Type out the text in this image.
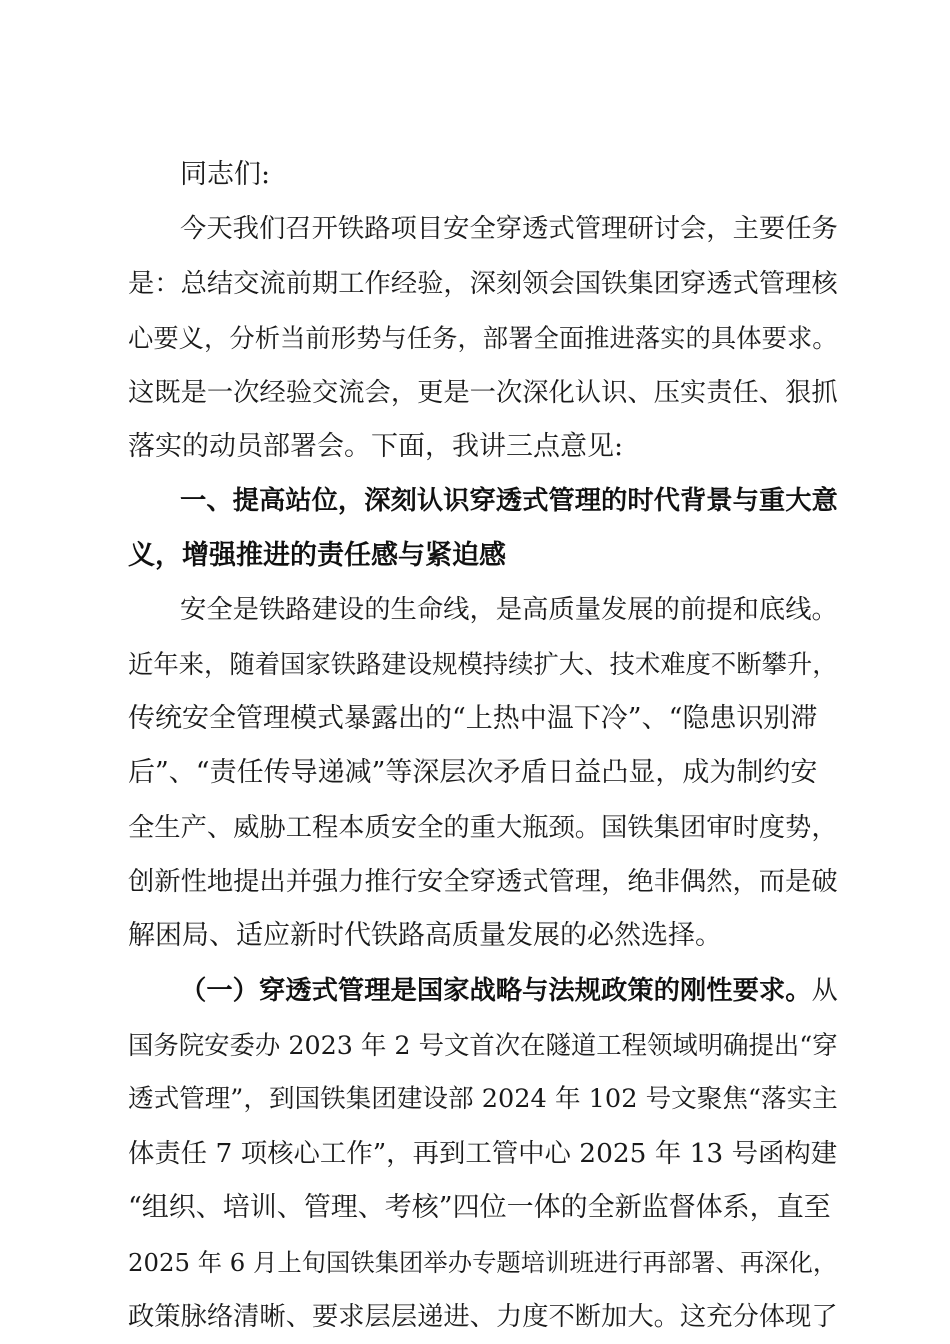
同志们:
今天我们召开铁路项目安全穿透式管理研讨会，主要任务
是：总结交流前期工作经验，深刻领会国铁集团穿透式管理核
心要义，分析当前形势与任务，部署全面推进落实的具体要求。
这既是一次经验交流会，更是一次深化认识、压实责任、狠抓
落实的动员部署会。下面，我讲三点意见:
一、提高站位，深刻认识穿透式管理的时代背景与重大意
义，增强推进的责任感与紧迫感
安全是铁路建设的生命线，是高质量发展的前提和底线。
近年来，随着国家铁路建设规模持续扩大、技术难度不断攀升，
传统安全管理模式暴露出的“上热中温下冷”、“隐患识别滞
后”、“责任传导递减”等深层次矛盾日益凸显，成为制约安
全生产、威胁工程本质安全的重大瓶颈。国铁集团审时度势，
创新性地提出并强力推行安全穿透式管理，绝非偶然，而是破
解困局、适应新时代铁路高质量发展的必然选择。
（一）穿透式管理是国家战略与法规政策的刚性要求。从
国务院安委办 2023 年 2 号文首次在隧道工程领域明确提出“穿
透式管理”，到国铁集团建设部 2024 年 102 号文聚焦“落实主
体责任 7 项核心工作”，再到工管中心 2025 年 13 号函构建
“组织、培训、管理、考核”四位一体的全新监督体系，直至
2025 年 6 月上旬国铁集团举办专题培训班进行再部署、再深化，
政策脉络清晰、要求层层递进、力度不断加大。这充分体现了
